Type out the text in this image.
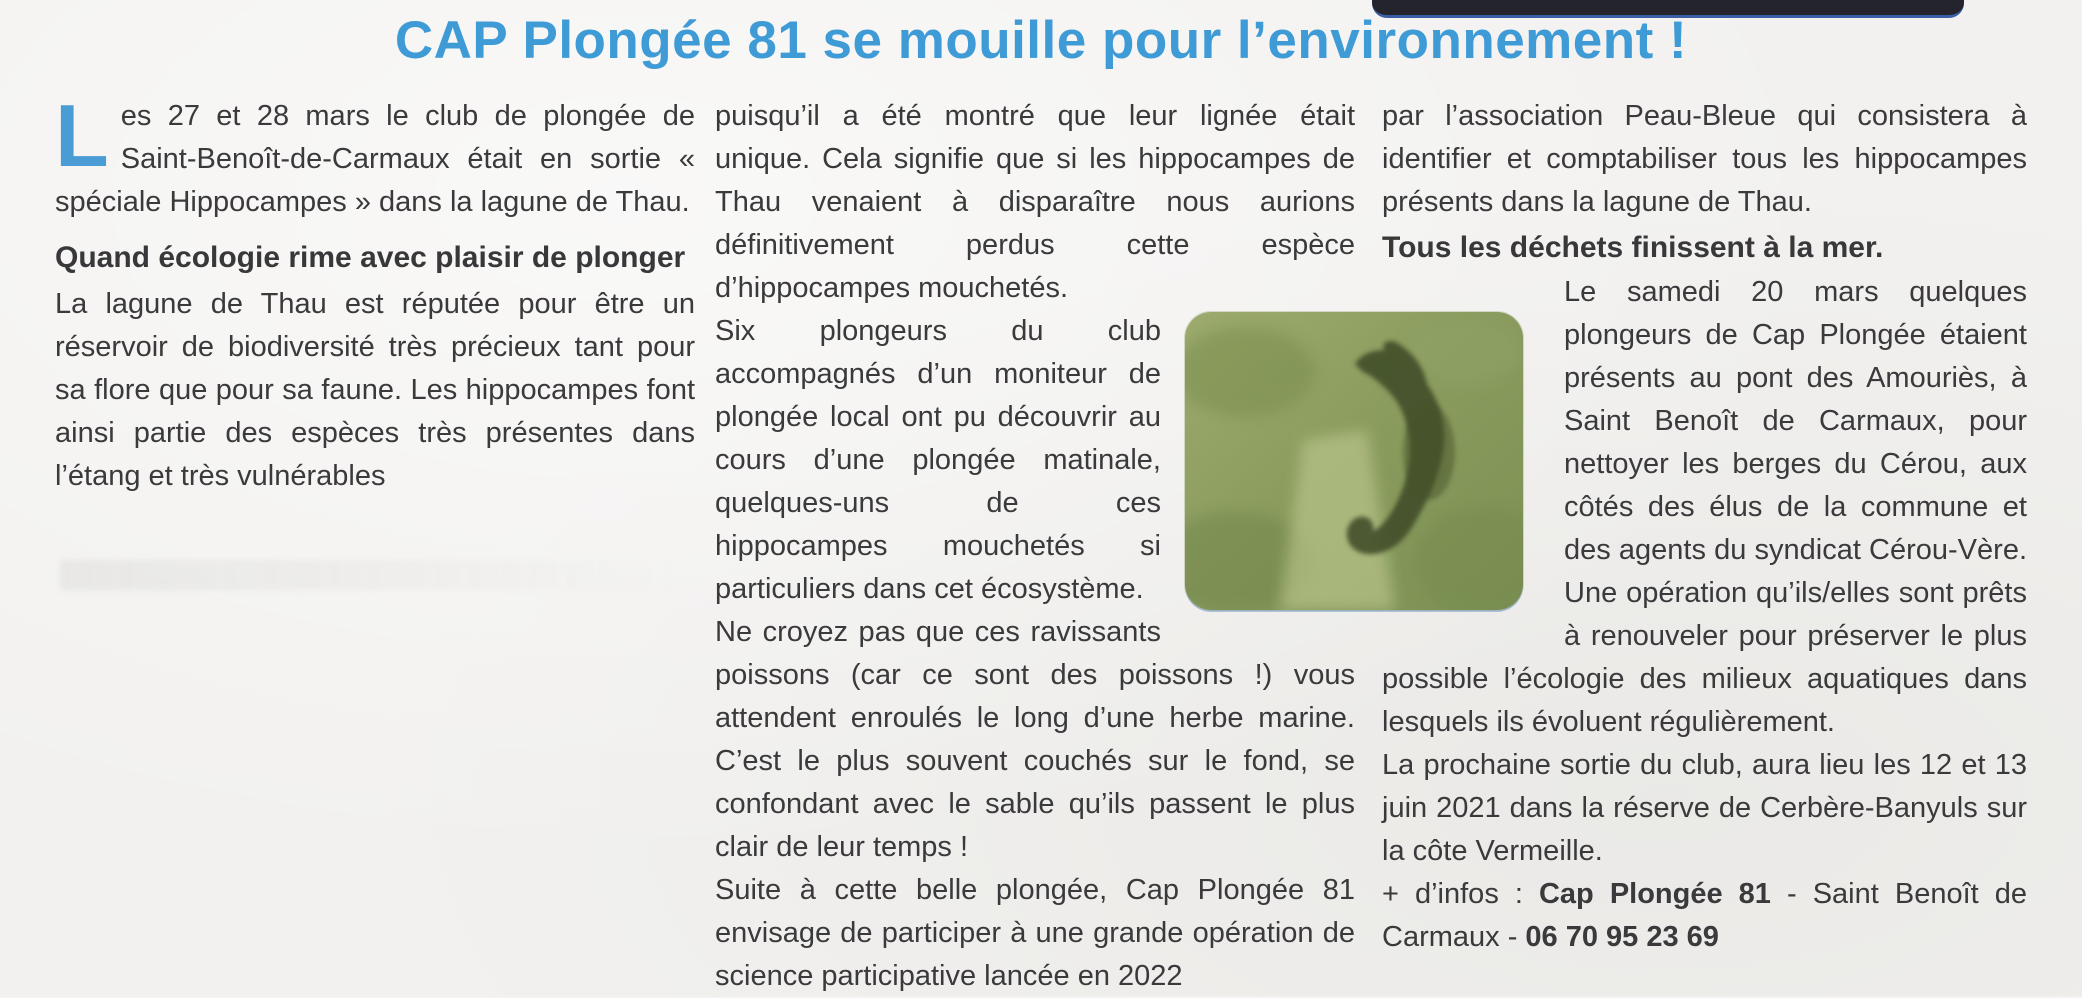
CAP Plongée 81 se mouille pour l’environnement !

Les 27 et 28 mars le club de plongée de Saint-Benoît-de-Carmaux était en sortie « spéciale Hippocampes » dans la lagune de Thau.

Quand écologie rime avec plaisir de plonger

La lagune de Thau est réputée pour être un réservoir de biodiversité très précieux tant pour sa flore que pour sa faune. Les hippocampes font ainsi partie des espèces très présentes dans l’étang et très vulnérables

puisqu’il a été montré que leur lignée était unique. Cela signifie que si les hippocampes de Thau venaient à disparaître nous aurions définitivement perdus cette espèce d’hippocampes mouchetés.

Six plongeurs du club accompagnés d’un moniteur de plongée local ont pu découvrir au cours d’une plongée matinale, quelques-uns de ces hippocampes mouchetés si particuliers dans cet écosystème.

Ne croyez pas que ces ravissants poissons (car ce sont des poissons !) vous attendent enroulés le long d’une herbe marine. C’est le plus souvent couchés sur le fond, se confondant avec le sable qu’ils passent le plus clair de leur temps !

Suite à cette belle plongée, Cap Plongée 81 envisage de participer à une grande opération de science participative lancée en 2022

par l’association Peau-Bleue qui consistera à identifier et comptabiliser tous les hippocampes présents dans la lagune de Thau.

Tous les déchets finissent à la mer.

Le samedi 20 mars quelques plongeurs de Cap Plongée étaient présents au pont des Amouriès, à Saint Benoît de Carmaux, pour nettoyer les berges du Cérou, aux côtés des élus de la commune et des agents du syndicat Cérou-Vère. Une opération qu’ils/elles sont prêts à renouveler pour préserver le plus possible l’écologie des milieux aquatiques dans lesquels ils évoluent régulièrement.

La prochaine sortie du club, aura lieu les 12 et 13 juin 2021 dans la réserve de Cerbère-Banyuls sur la côte Vermeille.

+ d’infos : Cap Plongée 81 - Saint Benoît de Carmaux - 06 70 95 23 69
